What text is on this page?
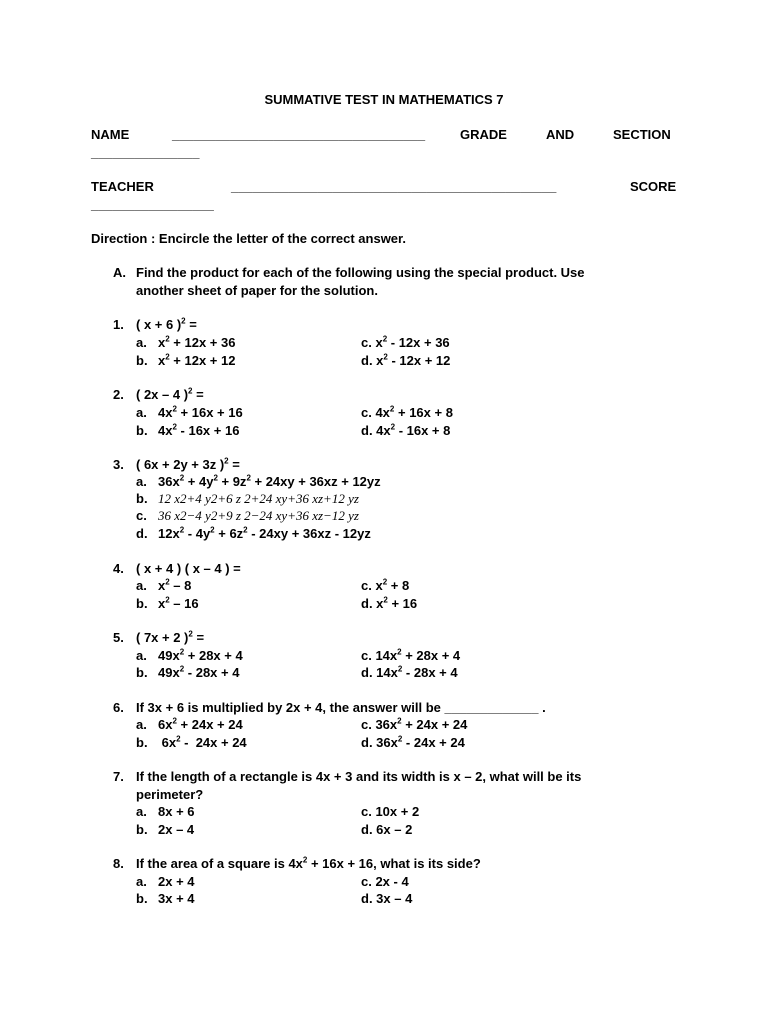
SUMMATIVE TEST IN MATHEMATICS 7
NAME	___________________________________	GRADE	AND	SECTION
_______________
TEACHER	_____________________________________________	SCORE
_________________
Direction : Encircle the letter of the correct answer.
A. Find the product for each of the following using the special product. Use
another sheet of paper for the solution.
1. ( x + 6 )$^2$ =
a. $x^2 + 12x + 36$	c. $x^2 - 12x + 36$
b. $x^2 + 12x + 12$	d. $x^2 - 12x + 12$
2. ( 2x – 4 )$^2$ =
a. $4x^2 + 16x + 16$	c. $4x^2 + 16x + 8$
b. $4x^2 - 16x + 16$	d. $4x^2 - 16x + 8$
3. ( 6x + 2y + 3z )$^2$ =
a. $36x^2 + 4y^2 + 9z^2 + 24xy + 36xz + 12yz$
b. 12 x2+4 y2+6 z 2+24 xy+36 xz+12 yz
c. 36 x2−4 y2+9 z 2−24 xy+36 xz−12 yz
d. $12x^2 - 4y^2 + 6z^2 - 24xy + 36xz - 12yz$
4. ( x + 4 ) ( x – 4 ) =
a. $x^2 - 8$	c. $x^2 + 8$
b. $x^2 - 16$	d. $x^2 + 16$
5. ( 7x + 2 )$^2$ =
a. $49x^2 + 28x + 4$	c. $14x^2 + 28x + 4$
b. $49x^2 - 28x + 4$	d. $14x^2 - 28x + 4$
6. If 3x + 6 is multiplied by 2x + 4, the answer will be _____________ .
a. $6x^2 + 24x + 24$	c. $36x^2 + 24x + 24$
b. $6x^2 - 24x + 24$	d. $36x^2 - 24x + 24$
7. If the length of a rectangle is 4x + 3 and its width is x – 2, what will be its
perimeter?
a. 8x + 6	c. 10x + 2
b. 2x – 4	d. 6x – 2
8. If the area of a square is $4x^2 + 16x + 16$, what is its side?
a. 2x + 4	c. 2x - 4
b. 3x + 4	d. 3x – 4
